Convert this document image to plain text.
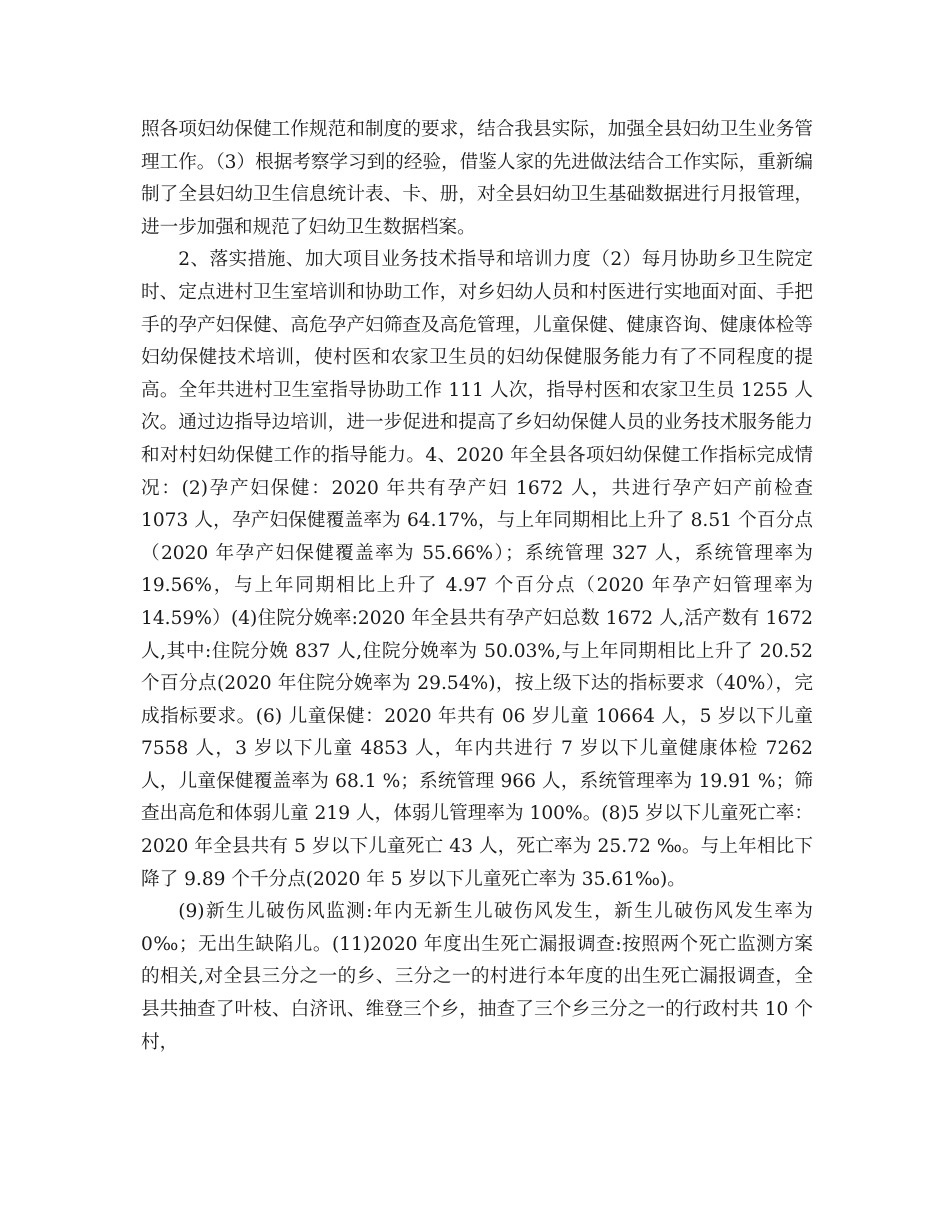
照各项妇幼保健工作规范和制度的要求，结合我县实际，加强全县妇幼卫生业务管理工作。（3）根据考察学习到的经验，借鉴人家的先进做法结合工作实际，重新编制了全县妇幼卫生信息统计表、卡、册，对全县妇幼卫生基础数据进行月报管理，进一步加强和规范了妇幼卫生数据档案。

2、落实措施、加大项目业务技术指导和培训力度（2）每月协助乡卫生院定时、定点进村卫生室培训和协助工作，对乡妇幼人员和村医进行实地面对面、手把手的孕产妇保健、高危孕产妇筛查及高危管理，儿童保健、健康咨询、健康体检等妇幼保健技术培训，使村医和农家卫生员的妇幼保健服务能力有了不同程度的提高。全年共进村卫生室指导协助工作 111 人次，指导村医和农家卫生员 1255 人次。通过边指导边培训，进一步促进和提高了乡妇幼保健人员的业务技术服务能力和对村妇幼保健工作的指导能力。4、2020 年全县各项妇幼保健工作指标完成情况：(2)孕产妇保健：2020 年共有孕产妇 1672 人，共进行孕产妇产前检查 1073 人，孕产妇保健覆盖率为 64.17%，与上年同期相比上升了 8.51 个百分点（2020 年孕产妇保健覆盖率为 55.66%）；系统管理 327 人，系统管理率为 19.56%，与上年同期相比上升了 4.97 个百分点（2020 年孕产妇管理率为 14.59%）(4)住院分娩率:2020 年全县共有孕产妇总数 1672 人,活产数有 1672 人,其中:住院分娩 837 人,住院分娩率为 50.03%,与上年同期相比上升了 20.52 个百分点(2020 年住院分娩率为 29.54%)，按上级下达的指标要求（40%），完成指标要求。(6) 儿童保健：2020 年共有 06 岁儿童 10664 人，5 岁以下儿童 7558 人，3 岁以下儿童 4853 人，年内共进行 7 岁以下儿童健康体检 7262 人，儿童保健覆盖率为 68.1 %；系统管理 966 人，系统管理率为 19.91 %；筛查出高危和体弱儿童 219 人，体弱儿管理率为 100%。(8)5 岁以下儿童死亡率：2020 年全县共有 5 岁以下儿童死亡 43 人，死亡率为 25.72 ‰。与上年相比下降了 9.89 个千分点(2020 年 5 岁以下儿童死亡率为 35.61‰)。

(9)新生儿破伤风监测:年内无新生儿破伤风发生，新生儿破伤风发生率为 0‰；无出生缺陷儿。(11)2020 年度出生死亡漏报调查:按照两个死亡监测方案的相关,对全县三分之一的乡、三分之一的村进行本年度的出生死亡漏报调查，全县共抽查了叶枝、白济讯、维登三个乡，抽查了三个乡三分之一的行政村共 10 个村，
